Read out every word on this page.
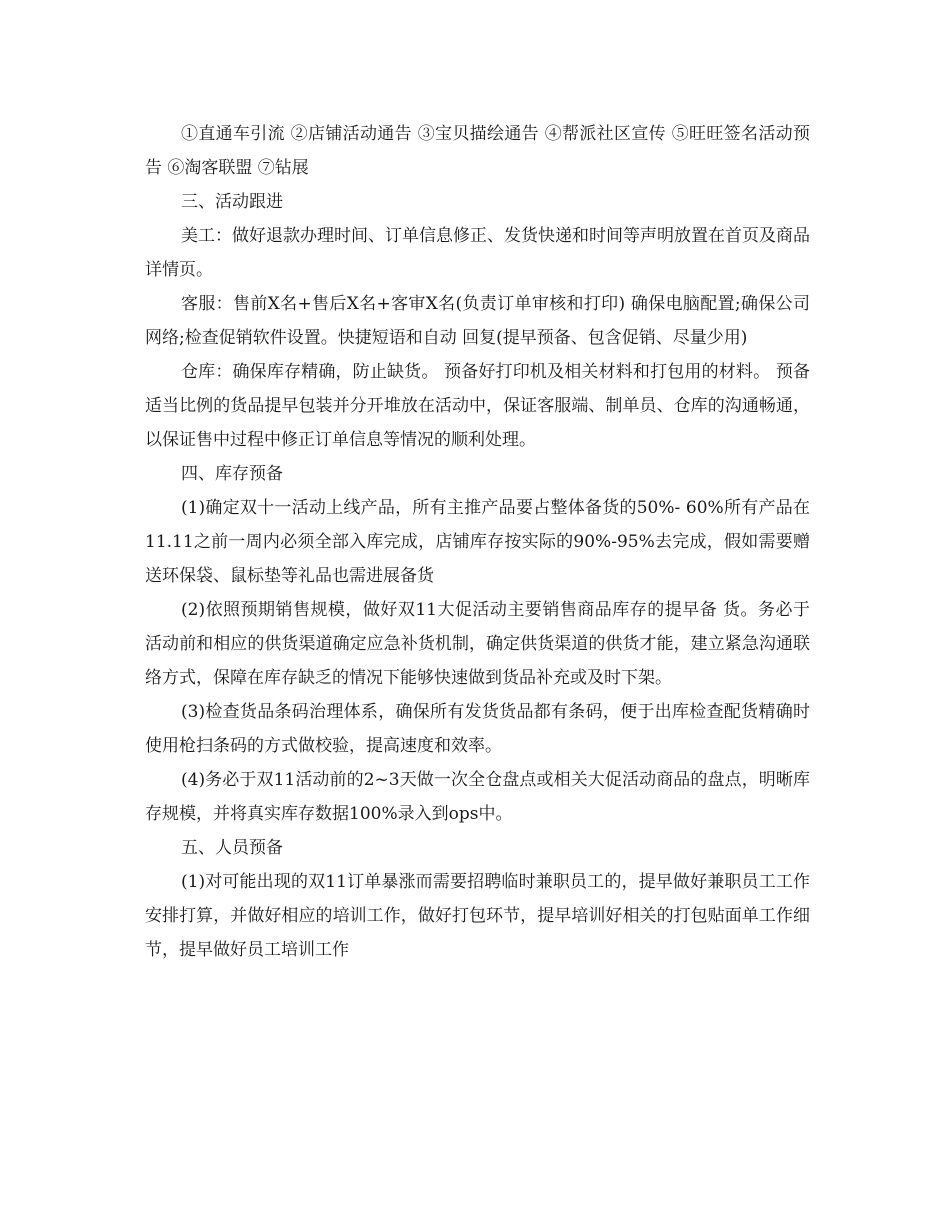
①直通车引流 ②店铺活动通告 ③宝贝描绘通告 ④帮派社区宣传 ⑤旺旺签名活动预告 ⑥淘客联盟 ⑦钻展

三、活动跟进

美工：做好退款办理时间、订单信息修正、发货快递和时间等声明放置在首页及商品详情页。

客服：售前X名+售后X名+客审X名(负责订单审核和打印) 确保电脑配置;确保公司网络;检查促销软件设置。快捷短语和自动 回复(提早预备、包含促销、尽量少用)

仓库：确保库存精确，防止缺货。 预备好打印机及相关材料和打包用的材料。 预备适当比例的货品提早包装并分开堆放在活动中，保证客服端、制单员、仓库的沟通畅通，以保证售中过程中修正订单信息等情况的顺利处理。

四、库存预备

(1)确定双十一活动上线产品，所有主推产品要占整体备货的50%- 60%所有产品在11.11之前一周内必须全部入库完成，店铺库存按实际的90%-95%去完成，假如需要赠送环保袋、鼠标垫等礼品也需进展备货

(2)依照预期销售规模，做好双11大促活动主要销售商品库存的提早备 货。务必于 活动前和相应的供货渠道确定应急补货机制，确定供货渠道的供货才能，建立紧急沟通联络方式，保障在库存缺乏的情况下能够快速做到货品补充或及时下架。

(3)检查货品条码治理体系，确保所有发货货品都有条码，便于出库检查配货精确时使用枪扫条码的方式做校验，提高速度和效率。

(4)务必于双11活动前的2~3天做一次全仓盘点或相关大促活动商品的盘点，明晰库存规模，并将真实库存数据100%录入到ops中。

五、人员预备

(1)对可能出现的双11订单暴涨而需要招聘临时兼职员工的，提早做好兼职员工工作安排打算，并做好相应的培训工作，做好打包环节，提早培训好相关的打包贴面单工作细节，提早做好员工培训工作
